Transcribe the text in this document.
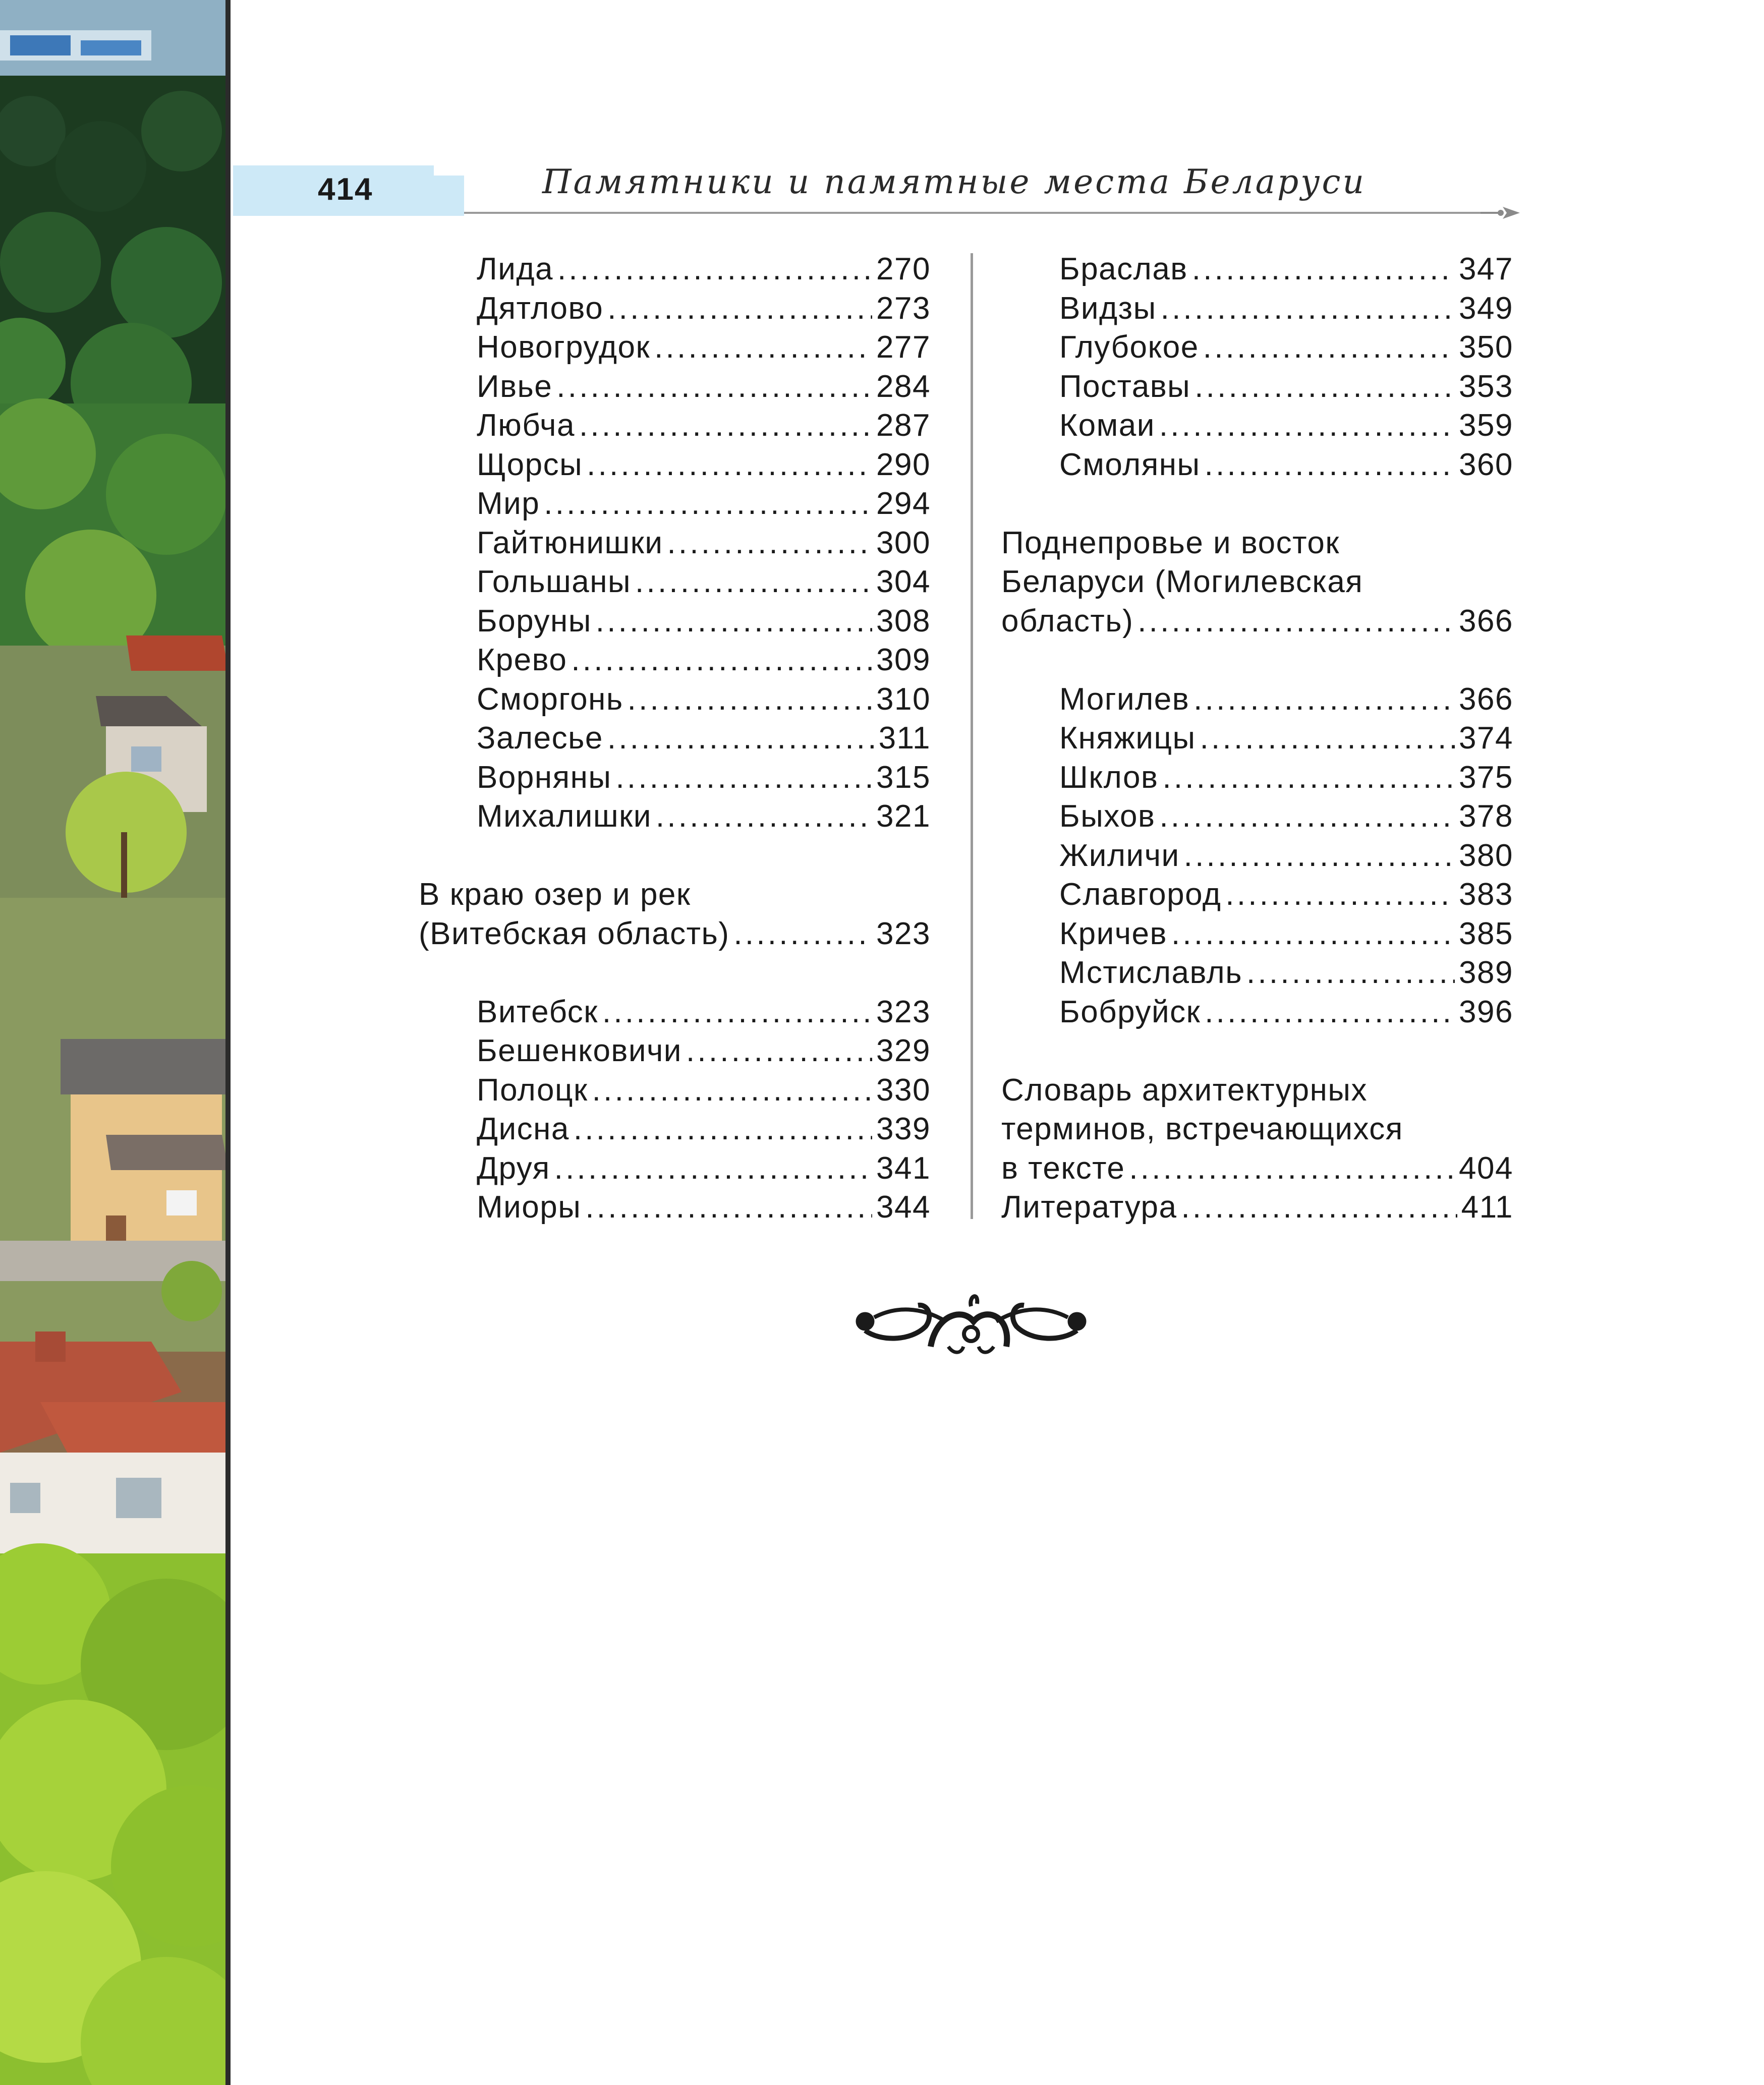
414	Памятники и памятные места Беларуси
Лида . . .	270
Дятлово . . .	273
Новогрудок . . .	277
Ивье . . .	284
Любча . . .	287
Щорсы . . .	290
Мир . . .	294
Гайтюнишки . . .	300
Гольшаны . . .	304
Боруны . . .	308
Крево . . .	309
Сморгонь . . .	310
Залесье . . .	311
Ворняны . . .	315
Михалишки . . .	321
В краю озер и рек
(Витебская область) . . .	323
Витебск . . .	323
Бешенковичи . . .	329
Полоцк . . .	330
Дисна . . .	339
Друя . . .	341
Миоры . . .	344
Браслав . . .	347
Видзы . . .	349
Глубокое . . .	350
Поставы . . .	353
Комаи . . .	359
Смоляны . . .	360
Поднепровье и восток
Беларуси (Могилевская
область) . . .	366
Могилев . . .	366
Княжицы . . .	374
Шклов . . .	375
Быхов . . .	378
Жиличи . . .	380
Славгород . . .	383
Кричев . . .	385
Мстиславль . . .	389
Бобруйск . . .	396
Словарь архитектурных
терминов, встречающихся
в тексте . . .	404
Литература . . .	411
